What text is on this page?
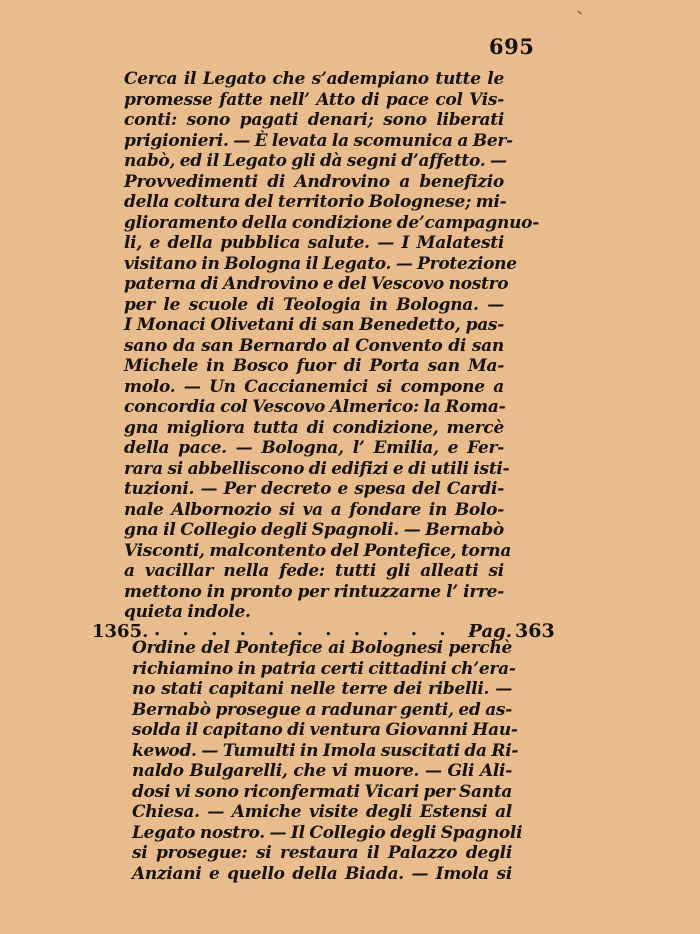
695
Cerca il Legato che s’adempiano tutte le
promesse fatte nell’ Atto di pace col Vis-
conti: sono pagati denari; sono liberati
prigionieri. — È levata la scomunica a Ber-
nabò, ed il Legato gli dà segni d’affetto. —
Provvedimenti di Androvino a benefizio
della coltura del territorio Bolognese; mi-
glioramento della condizione de’campagnuo-
li, e della pubblica salute. — I Malatesti
visitano in Bologna il Legato. — Protezione
paterna di Androvino e del Vescovo nostro
per le scuole di Teologia in Bologna. —
I Monaci Olivetani di san Benedetto, pas-
sano da san Bernardo al Convento di san
Michele in Bosco fuor di Porta san Ma-
molo. — Un Caccianemici si compone a
concordia col Vescovo Almerico: la Roma-
gna migliora tutta di condizione, mercè
della pace. — Bologna, l’ Emilia, e Fer-
rara si abbelliscono di edifizi e di utili isti-
tuzioni. — Per decreto e spesa del Cardi-
nale Albornozio si va a fondare in Bolo-
gna il Collegio degli Spagnoli. — Bernabò
Visconti, malcontento del Pontefice, torna
a vacillar nella fede: tutti gli alleati si
mettono in pronto per rintuzzarne l’ irre-
quieta indole.
1365. . . . . . . . . . . . .
Pag. 363
Ordine del Pontefice ai Bolognesi perchè
richiamino in patria certi cittadini ch’era-
no stati capitani nelle terre dei ribelli. —
Bernabò prosegue a radunar genti, ed as-
solda il capitano di ventura Giovanni Hau-
kewod. — Tumulti in Imola suscitati da Ri-
naldo Bulgarelli, che vi muore. — Gli Ali-
dosi vi sono riconfermati Vicari per Santa
Chiesa. — Amiche visite degli Estensi al
Legato nostro. — Il Collegio degli Spagnoli
si prosegue: si restaura il Palazzo degli
Anziani e quello della Biada. — Imola si
